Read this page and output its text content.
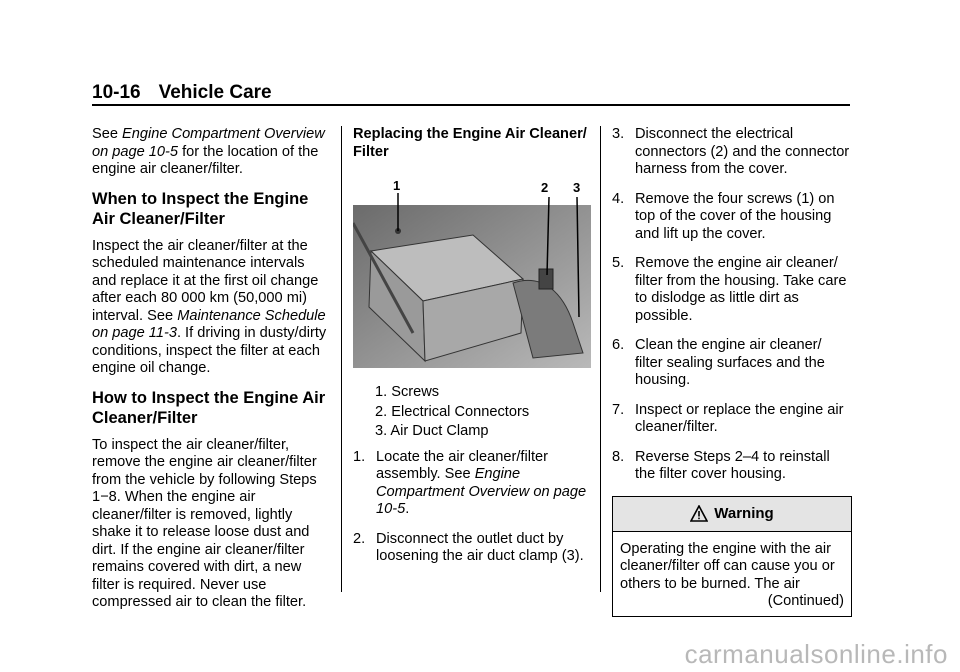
10-16 Vehicle Care

See Engine Compartment Overview on page 10-5 for the location of the engine air cleaner/filter.

When to Inspect the Engine Air Cleaner/Filter

Inspect the air cleaner/filter at the scheduled maintenance intervals and replace it at the first oil change after each 80 000 km (50,000 mi) interval. See Maintenance Schedule on page 11-3. If driving in dusty/dirty conditions, inspect the filter at each engine oil change.

How to Inspect the Engine Air Cleaner/Filter

To inspect the air cleaner/filter, remove the engine air cleaner/filter from the vehicle by following Steps 1−8. When the engine air cleaner/filter is removed, lightly shake it to release loose dust and dirt. If the engine air cleaner/filter remains covered with dirt, a new filter is required. Never use compressed air to clean the filter.

Replacing the Engine Air Cleaner/ Filter
1	2 3
1. Screws
2. Electrical Connectors
3. Air Duct Clamp
1. Locate the air cleaner/filter assembly. See Engine Compartment Overview on page 10-5.
2. Disconnect the outlet duct by loosening the air duct clamp (3).
3. Disconnect the electrical connectors (2) and the connector harness from the cover.
4. Remove the four screws (1) on top of the cover of the housing and lift up the cover.
5. Remove the engine air cleaner/ filter from the housing. Take care to dislodge as little dirt as possible.
6. Clean the engine air cleaner/ filter sealing surfaces and the housing.
7. Inspect or replace the engine air cleaner/filter.
8. Reverse Steps 2–4 to reinstall the filter cover housing.
Warning
Operating the engine with the air cleaner/filter off can cause you or others to be burned. The air
(Continued)
carmanualsonline.info
